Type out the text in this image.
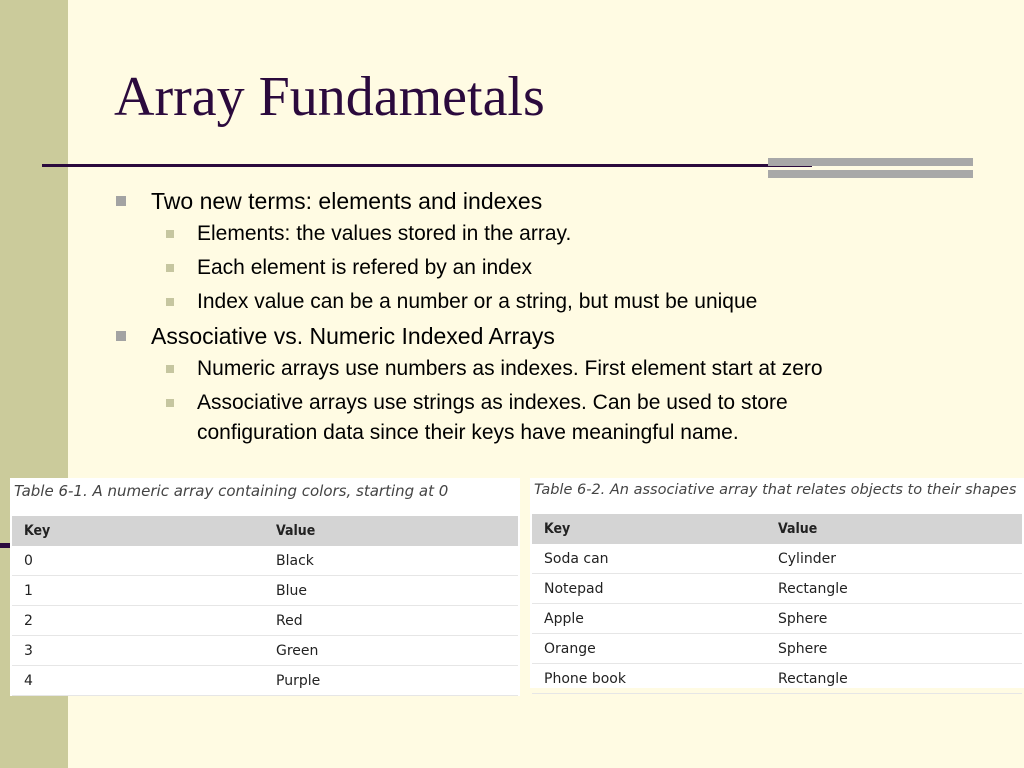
Array Fundametals
Two new terms: elements and indexes
Elements: the values stored in the array.
Each element is refered by an index
Index value can be a number or a string, but must be unique
Associative vs. Numeric Indexed Arrays
Numeric arrays use numbers as indexes. First element start at zero
Associative arrays use strings as indexes. Can be used to store configuration data since their keys have meaningful name.
Table 6-1. A numeric array containing colors, starting at 0
Key	Value
0	Black
1	Blue
2	Red
3	Green
4	Purple
Table 6-2. An associative array that relates objects to their shapes
Key	Value
Soda can	Cylinder
Notepad	Rectangle
Apple	Sphere
Orange	Sphere
Phone book	Rectangle
